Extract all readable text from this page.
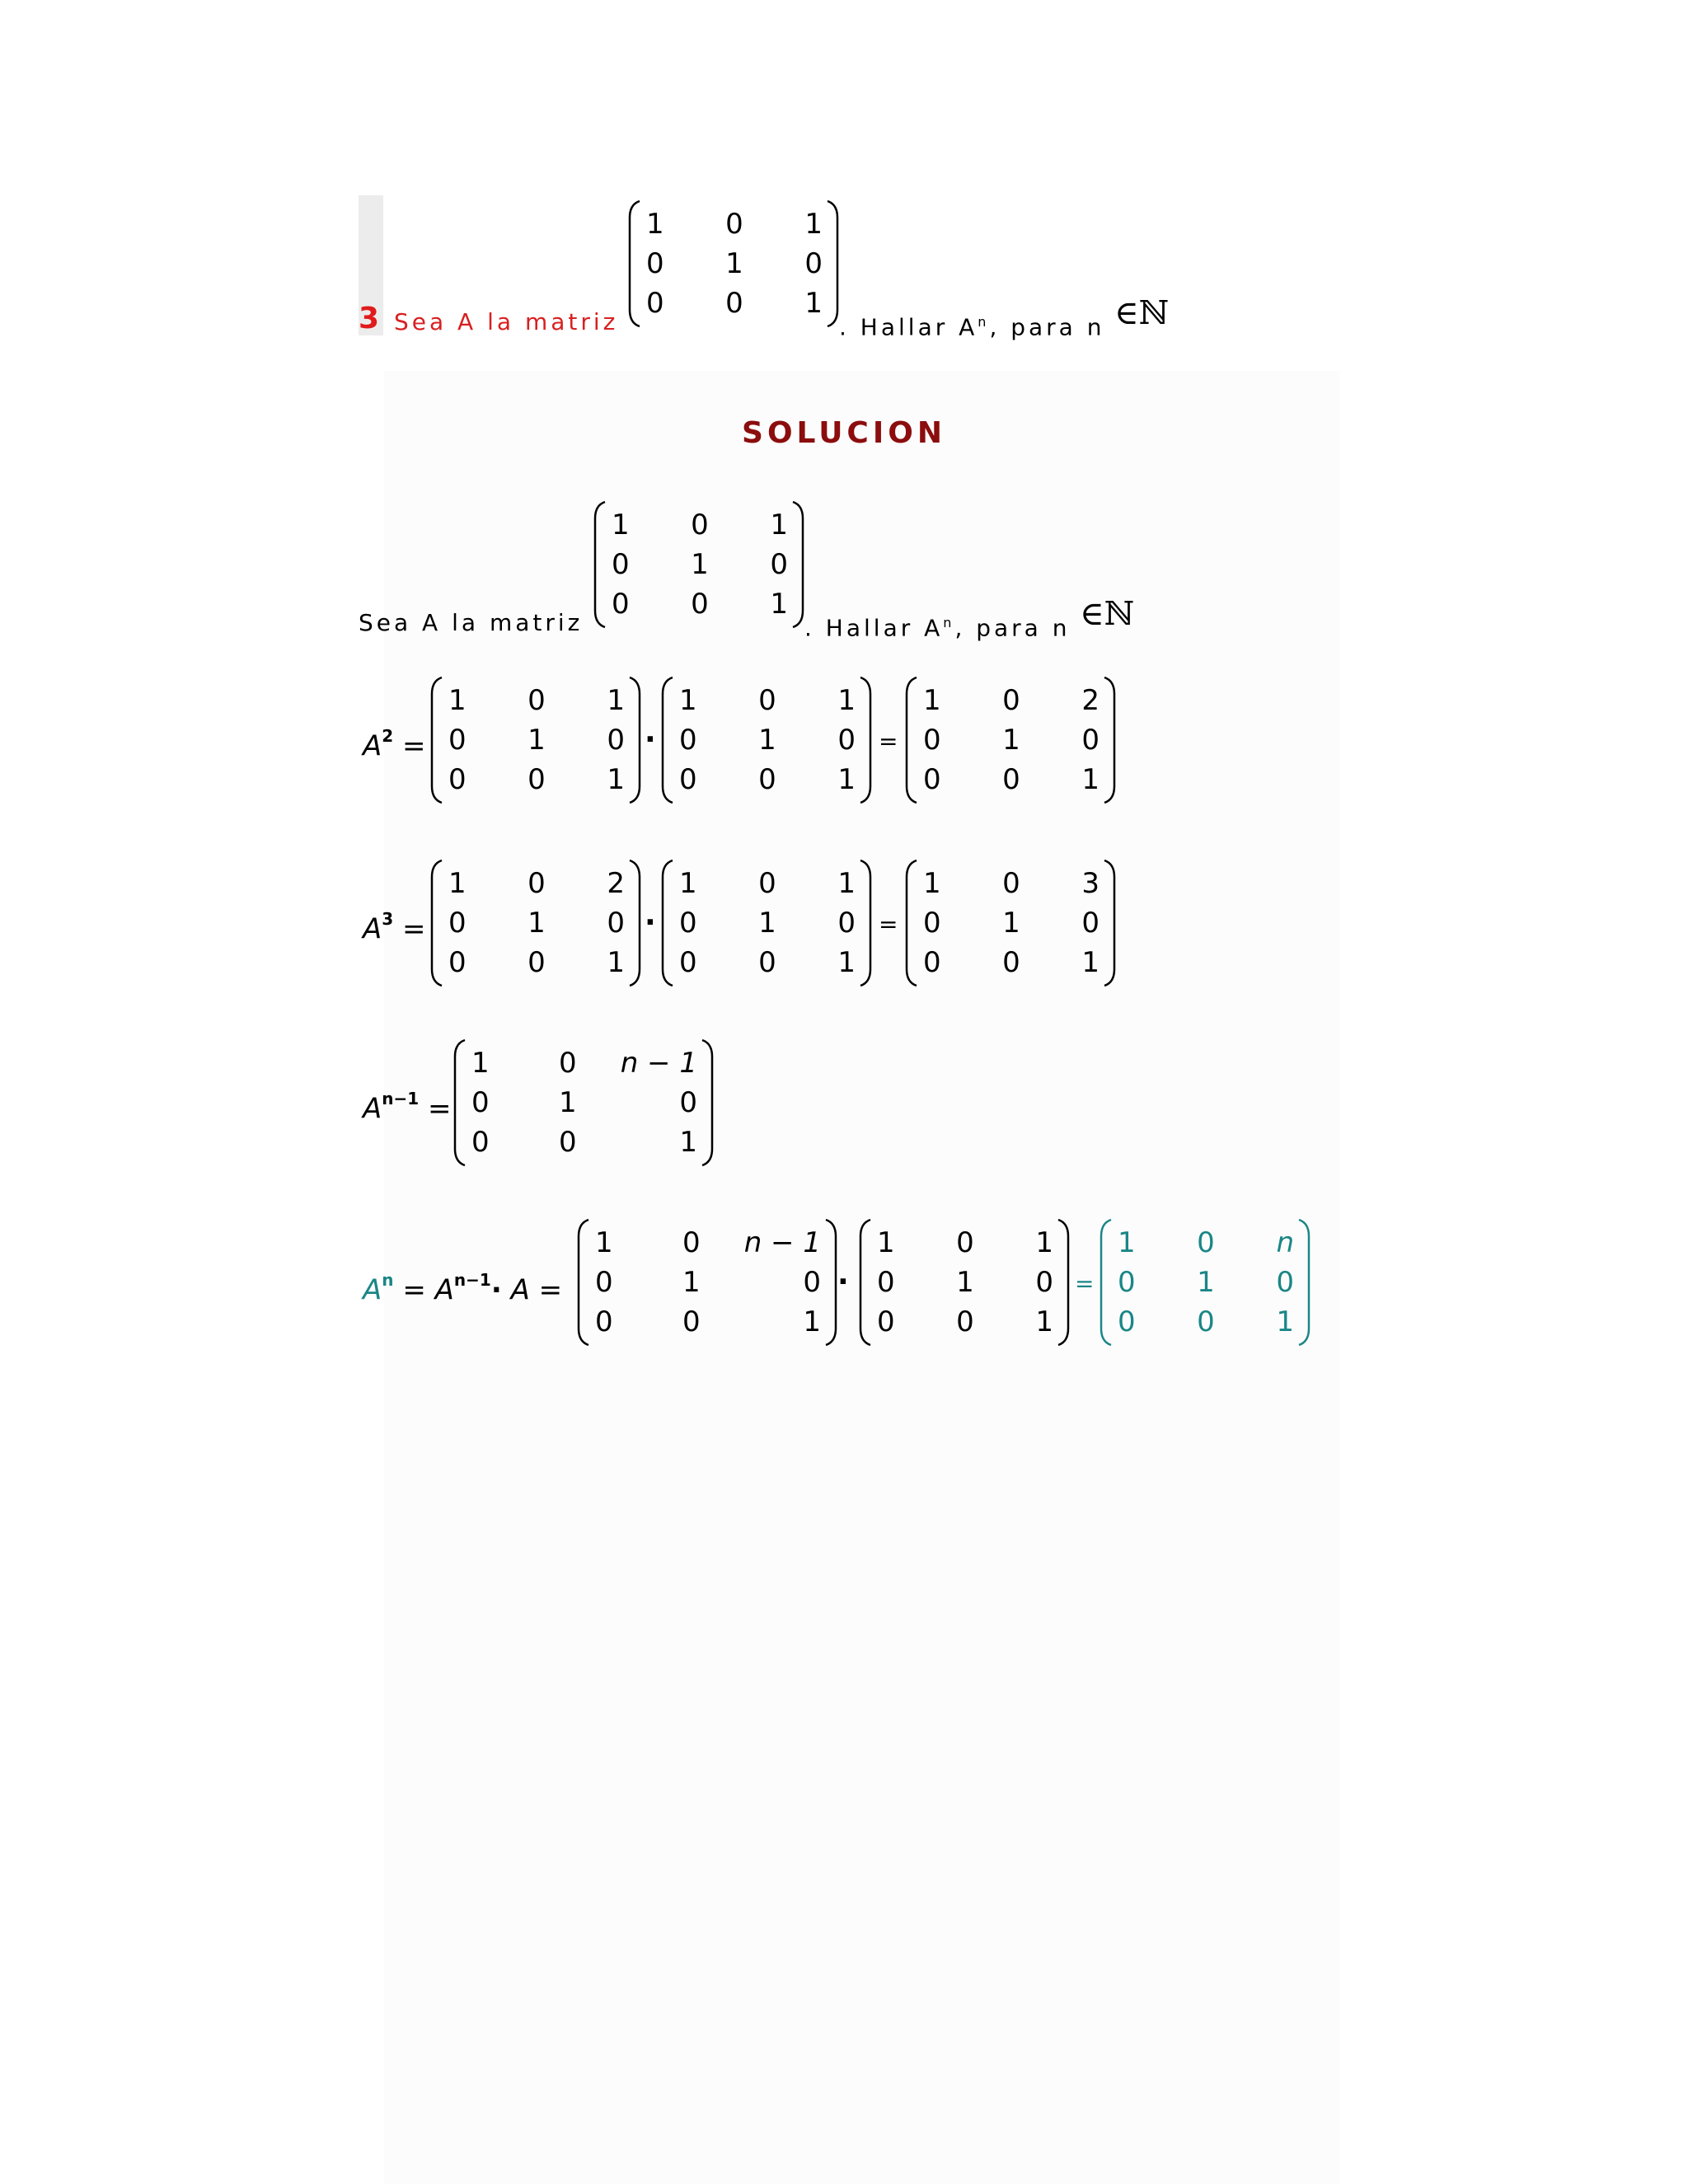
3 Sea A la matriz
1	0	1
0	1	0
0	0	1
. Hallar $A^n$, para n ∈ℕ
SOLUCION
Sea A la matriz
1	0	1
0	1	0
0	0	1
. Hallar $A^n$, para n ∈ℕ
$A^2$ =
1	0	1
0	1	0
0	0	1
·
1	0	1
0	1	0
0	0	1
=
1	0	2
0	1	0
0	0	1
$A^3$ =
1	0	2
0	1	0
0	0	1
·
1	0	1
0	1	0
0	0	1
=
1	0	3
0	1	0
0	0	1
$A^{n-1}$ =
1	0	n − 1
0	1	0
0	0	1
$A^n = A^{n-1}\cdot A$ =
1	0	n − 1
0	1	0
0	0	1
·
1	0	1
0	1	0
0	0	1
=
1	0	n
0	1	0
0	0	1
